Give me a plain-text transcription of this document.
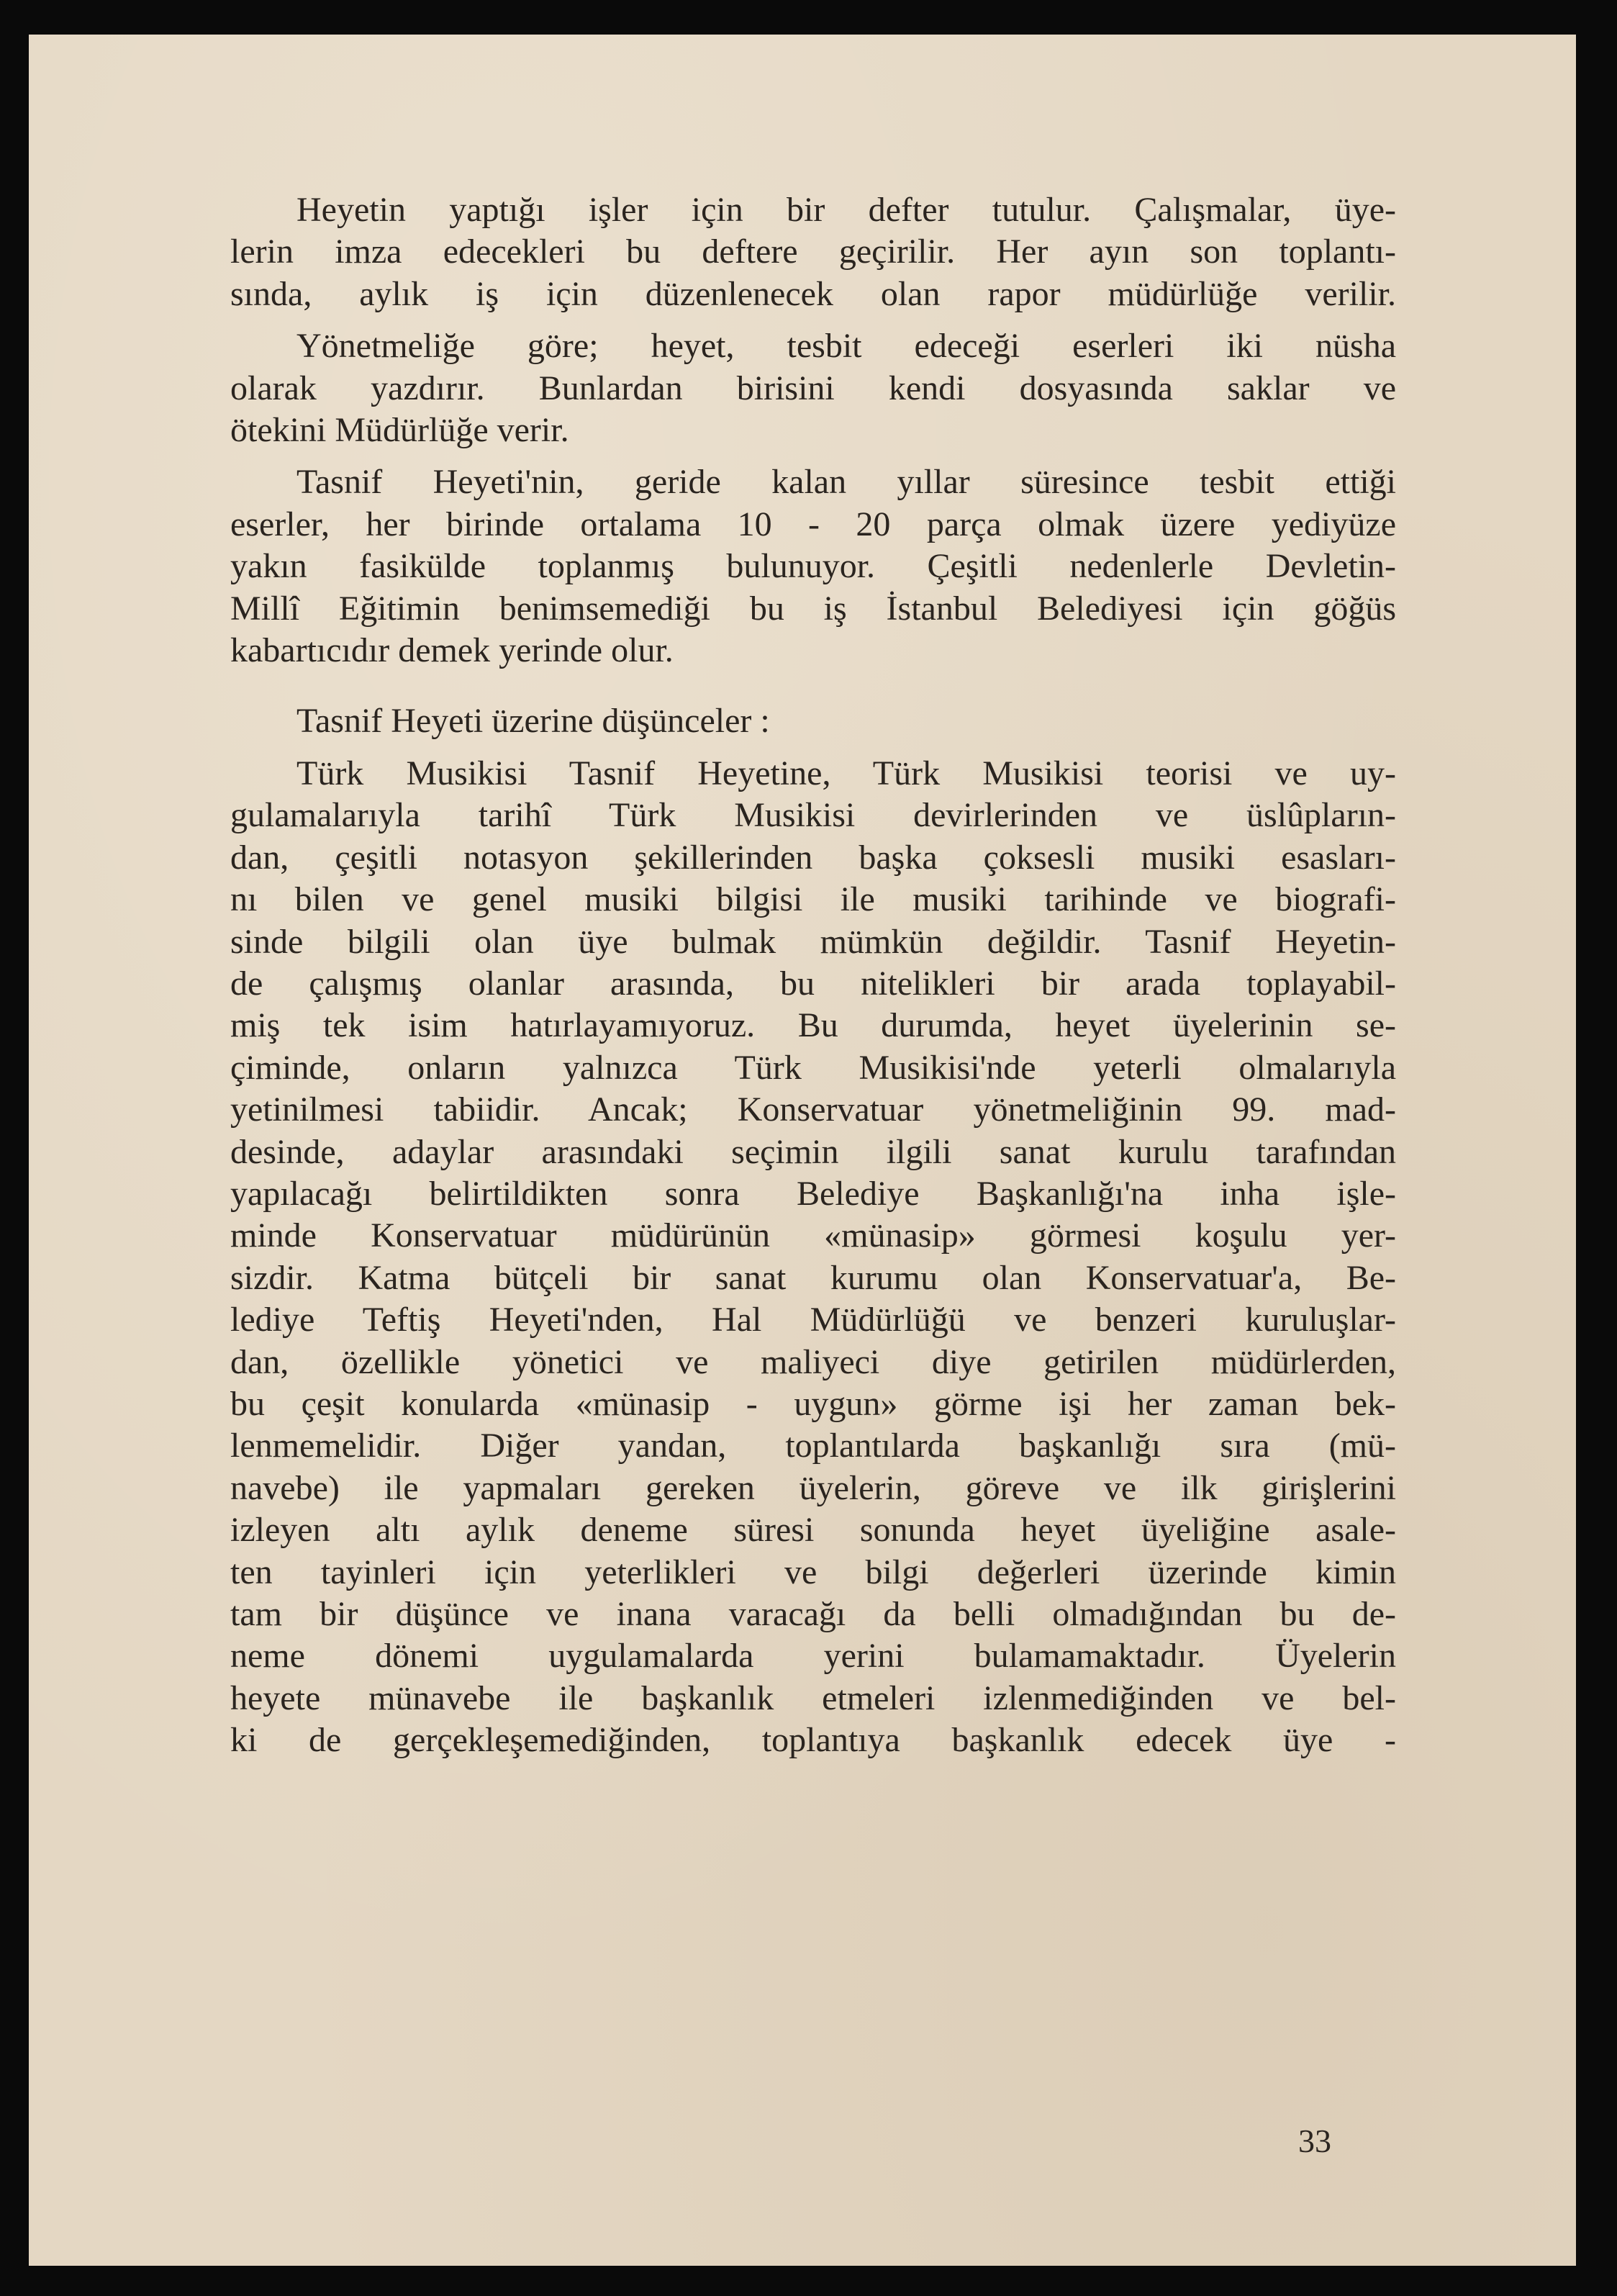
Heyetin yaptığı işler için bir defter tutulur. Çalışmalar, üye-
lerin imza edecekleri bu deftere geçirilir. Her ayın son toplantı-
sında, aylık iş için düzenlenecek olan rapor müdürlüğe verilir.
Yönetmeliğe göre; heyet, tesbit edeceği eserleri iki nüsha
olarak yazdırır. Bunlardan birisini kendi dosyasında saklar ve
ötekini Müdürlüğe verir.
Tasnif Heyeti'nin, geride kalan yıllar süresince tesbit ettiği
eserler, her birinde ortalama 10 - 20 parça olmak üzere yediyüze
yakın fasikülde toplanmış bulunuyor. Çeşitli nedenlerle Devletin-
Millî Eğitimin benimsemediği bu iş İstanbul Belediyesi için göğüs
kabartıcıdır demek yerinde olur.
Tasnif Heyeti üzerine düşünceler :
Türk Musikisi Tasnif Heyetine, Türk Musikisi teorisi ve uy-
gulamalarıyla tarihî Türk Musikisi devirlerinden ve üslûpların-
dan, çeşitli notasyon şekillerinden başka çoksesli musiki esasları-
nı bilen ve genel musiki bilgisi ile musiki tarihinde ve biografi-
sinde bilgili olan üye bulmak mümkün değildir. Tasnif Heyetin-
de çalışmış olanlar arasında, bu nitelikleri bir arada toplayabil-
miş tek isim hatırlayamıyoruz. Bu durumda, heyet üyelerinin se-
çiminde, onların yalnızca Türk Musikisi'nde yeterli olmalarıyla
yetinilmesi tabiidir. Ancak; Konservatuar yönetmeliğinin 99. mad-
desinde, adaylar arasındaki seçimin ilgili sanat kurulu tarafından
yapılacağı belirtildikten sonra Belediye Başkanlığı'na inha işle-
minde Konservatuar müdürünün «münasip» görmesi koşulu yer-
sizdir. Katma bütçeli bir sanat kurumu olan Konservatuar'a, Be-
lediye Teftiş Heyeti'nden, Hal Müdürlüğü ve benzeri kuruluşlar-
dan, özellikle yönetici ve maliyeci diye getirilen müdürlerden,
bu çeşit konularda «münasip - uygun» görme işi her zaman bek-
lenmemelidir. Diğer yandan, toplantılarda başkanlığı sıra (mü-
navebe) ile yapmaları gereken üyelerin, göreve ve ilk girişlerini
izleyen altı aylık deneme süresi sonunda heyet üyeliğine asale-
ten tayinleri için yeterlikleri ve bilgi değerleri üzerinde kimin
tam bir düşünce ve inana varacağı da belli olmadığından bu de-
neme dönemi uygulamalarda yerini bulamamaktadır. Üyelerin
heyete münavebe ile başkanlık etmeleri izlenmediğinden ve bel-
ki de gerçekleşemediğinden, toplantıya başkanlık edecek üye -
33
